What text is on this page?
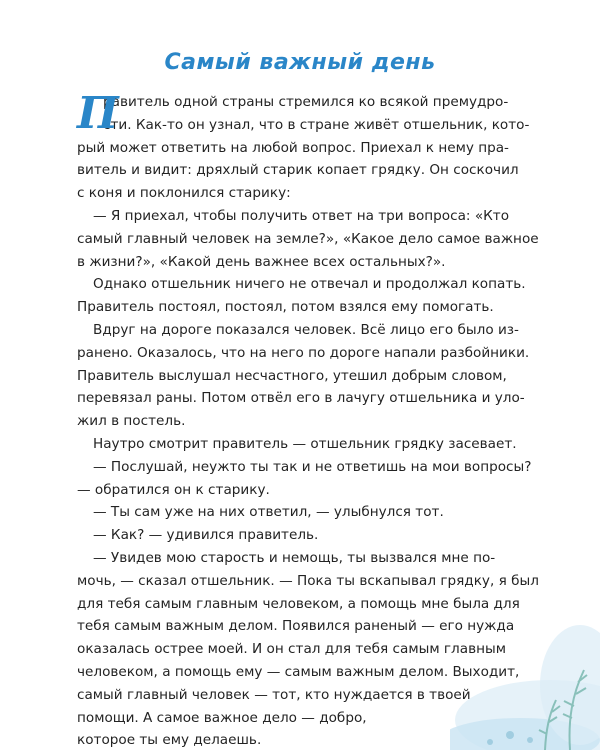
Самый важный день
П
равитель одной страны стремился ко всякой премудро-
сти. Как-то он узнал, что в стране живёт отшельник, кото-
рый может ответить на любой вопрос. Приехал к нему пра-
витель и видит: дряхлый старик копает грядку. Он соскочил
с коня и поклонился старику:
— Я приехал, чтобы получить ответ на три вопроса: «Кто
самый главный человек на земле?», «Какое дело самое важное
в жизни?», «Какой день важнее всех остальных?».
Однако отшельник ничего не отвечал и продолжал копать.
Правитель постоял, постоял, потом взялся ему помогать.
Вдруг на дороге показался человек. Всё лицо его было из-
ранено. Оказалось, что на него по дороге напали разбойники.
Правитель выслушал несчастного, утешил добрым словом,
перевязал раны. Потом отвёл его в лачугу отшельника и уло-
жил в постель.
Наутро смотрит правитель — отшельник грядку засевает.
— Послушай, неужто ты так и не ответишь на мои вопросы?
— обратился он к старику.
— Ты сам уже на них ответил, — улыбнулся тот.
— Как? — удивился правитель.
— Увидев мою старость и немощь, ты вызвался мне по-
мочь, — сказал отшельник. — Пока ты вскапывал грядку, я был
для тебя самым главным человеком, а помощь мне была для
тебя самым важным делом. Появился раненый — его нужда
оказалась острее моей. И он стал для тебя самым главным
человеком, а помощь ему — самым важным делом. Выходит,
самый главный человек — тот, кто нуждается в твоей
помощи. А самое важное дело — добро,
которое ты ему делаешь.
